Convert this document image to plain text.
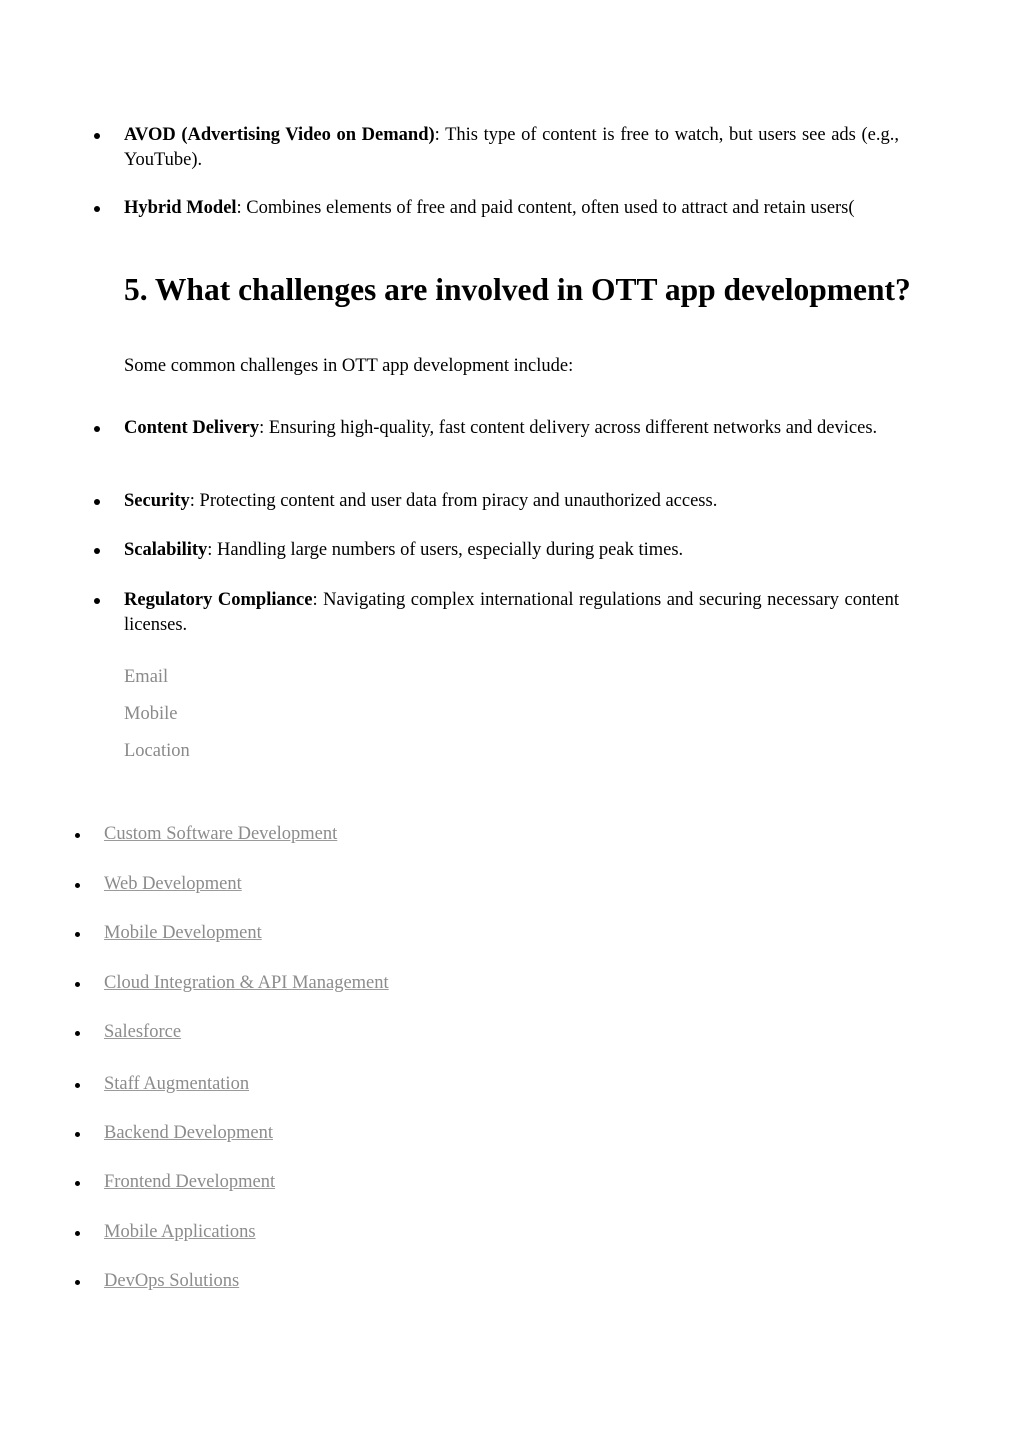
AVOD (Advertising Video on Demand): This type of content is free to watch, but users see ads (e.g., YouTube).
Hybrid Model: Combines elements of free and paid content, often used to attract and retain users(
5. What challenges are involved in OTT app development?
Some common challenges in OTT app development include:
Content Delivery: Ensuring high-quality, fast content delivery across different networks and devices.
Security: Protecting content and user data from piracy and unauthorized access.
Scalability: Handling large numbers of users, especially during peak times.
Regulatory Compliance: Navigating complex international regulations and securing necessary content licenses.
Email
Mobile
Location
Custom Software Development
Web Development
Mobile Development
Cloud Integration & API Management
Salesforce
Staff Augmentation
Backend Development
Frontend Development
Mobile Applications
DevOps Solutions
